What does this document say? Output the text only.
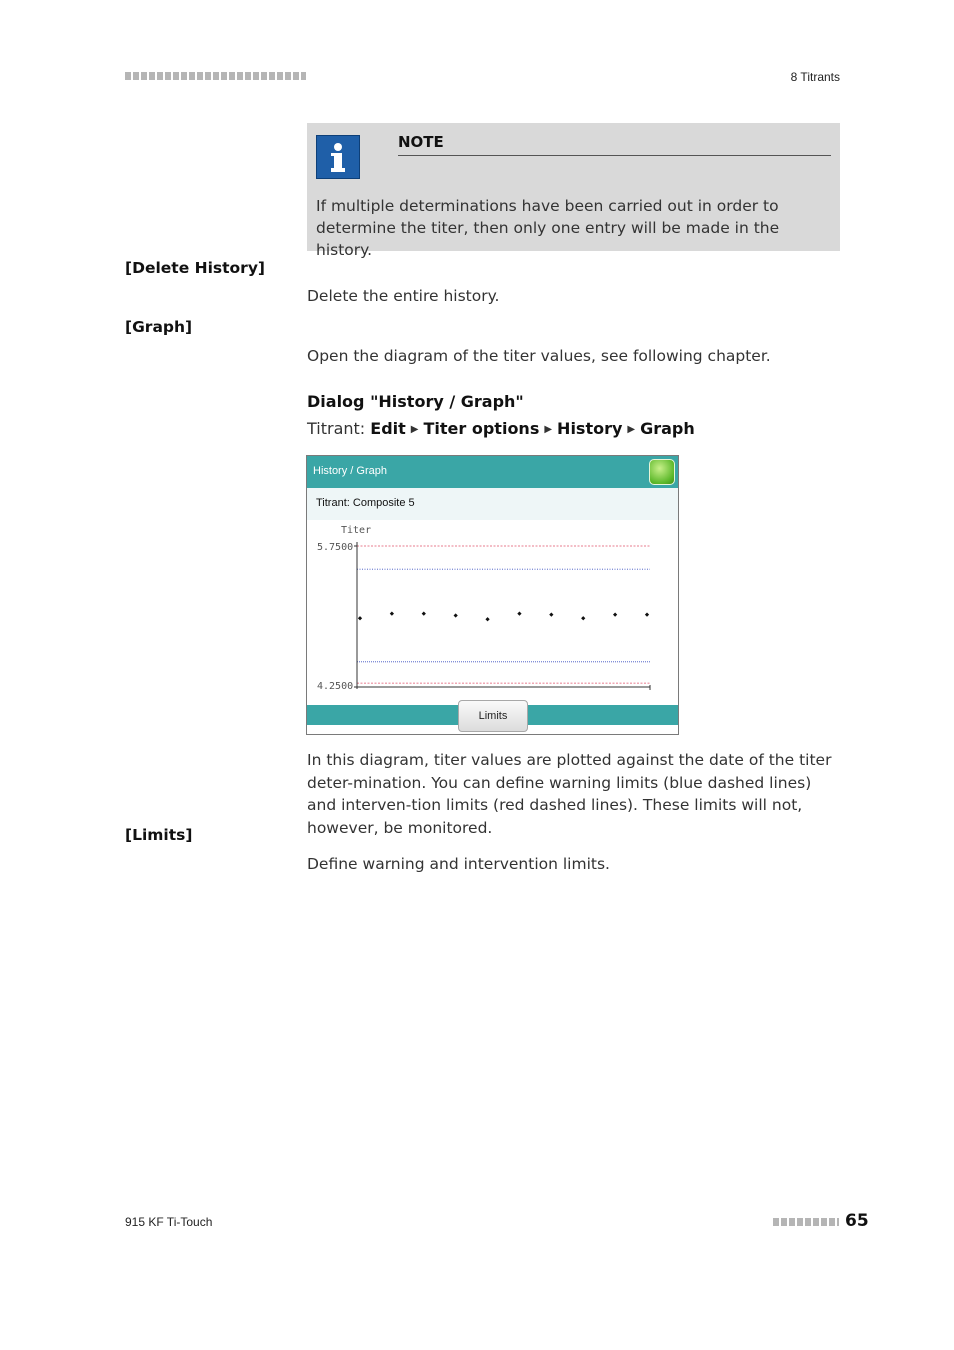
8 Titrants
NOTE
If multiple determinations have been carried out in order to determine the titer, then only one entry will be made in the history.
[Delete History]
Delete the entire history.
[Graph]
Open the diagram of the titer values, see following chapter.
Dialog "History / Graph"
Titrant: Edit ▶ Titer options ▶ History ▶ Graph
History / Graph
Titrant: Composite 5
Titer
5.7500
4.2500
Limits
In this diagram, titer values are plotted against the date of the titer deter-mination. You can define warning limits (blue dashed lines) and interven-tion limits (red dashed lines). These limits will not, however, be monitored.
[Limits]
Define warning and intervention limits.
915 KF Ti-Touch	65
